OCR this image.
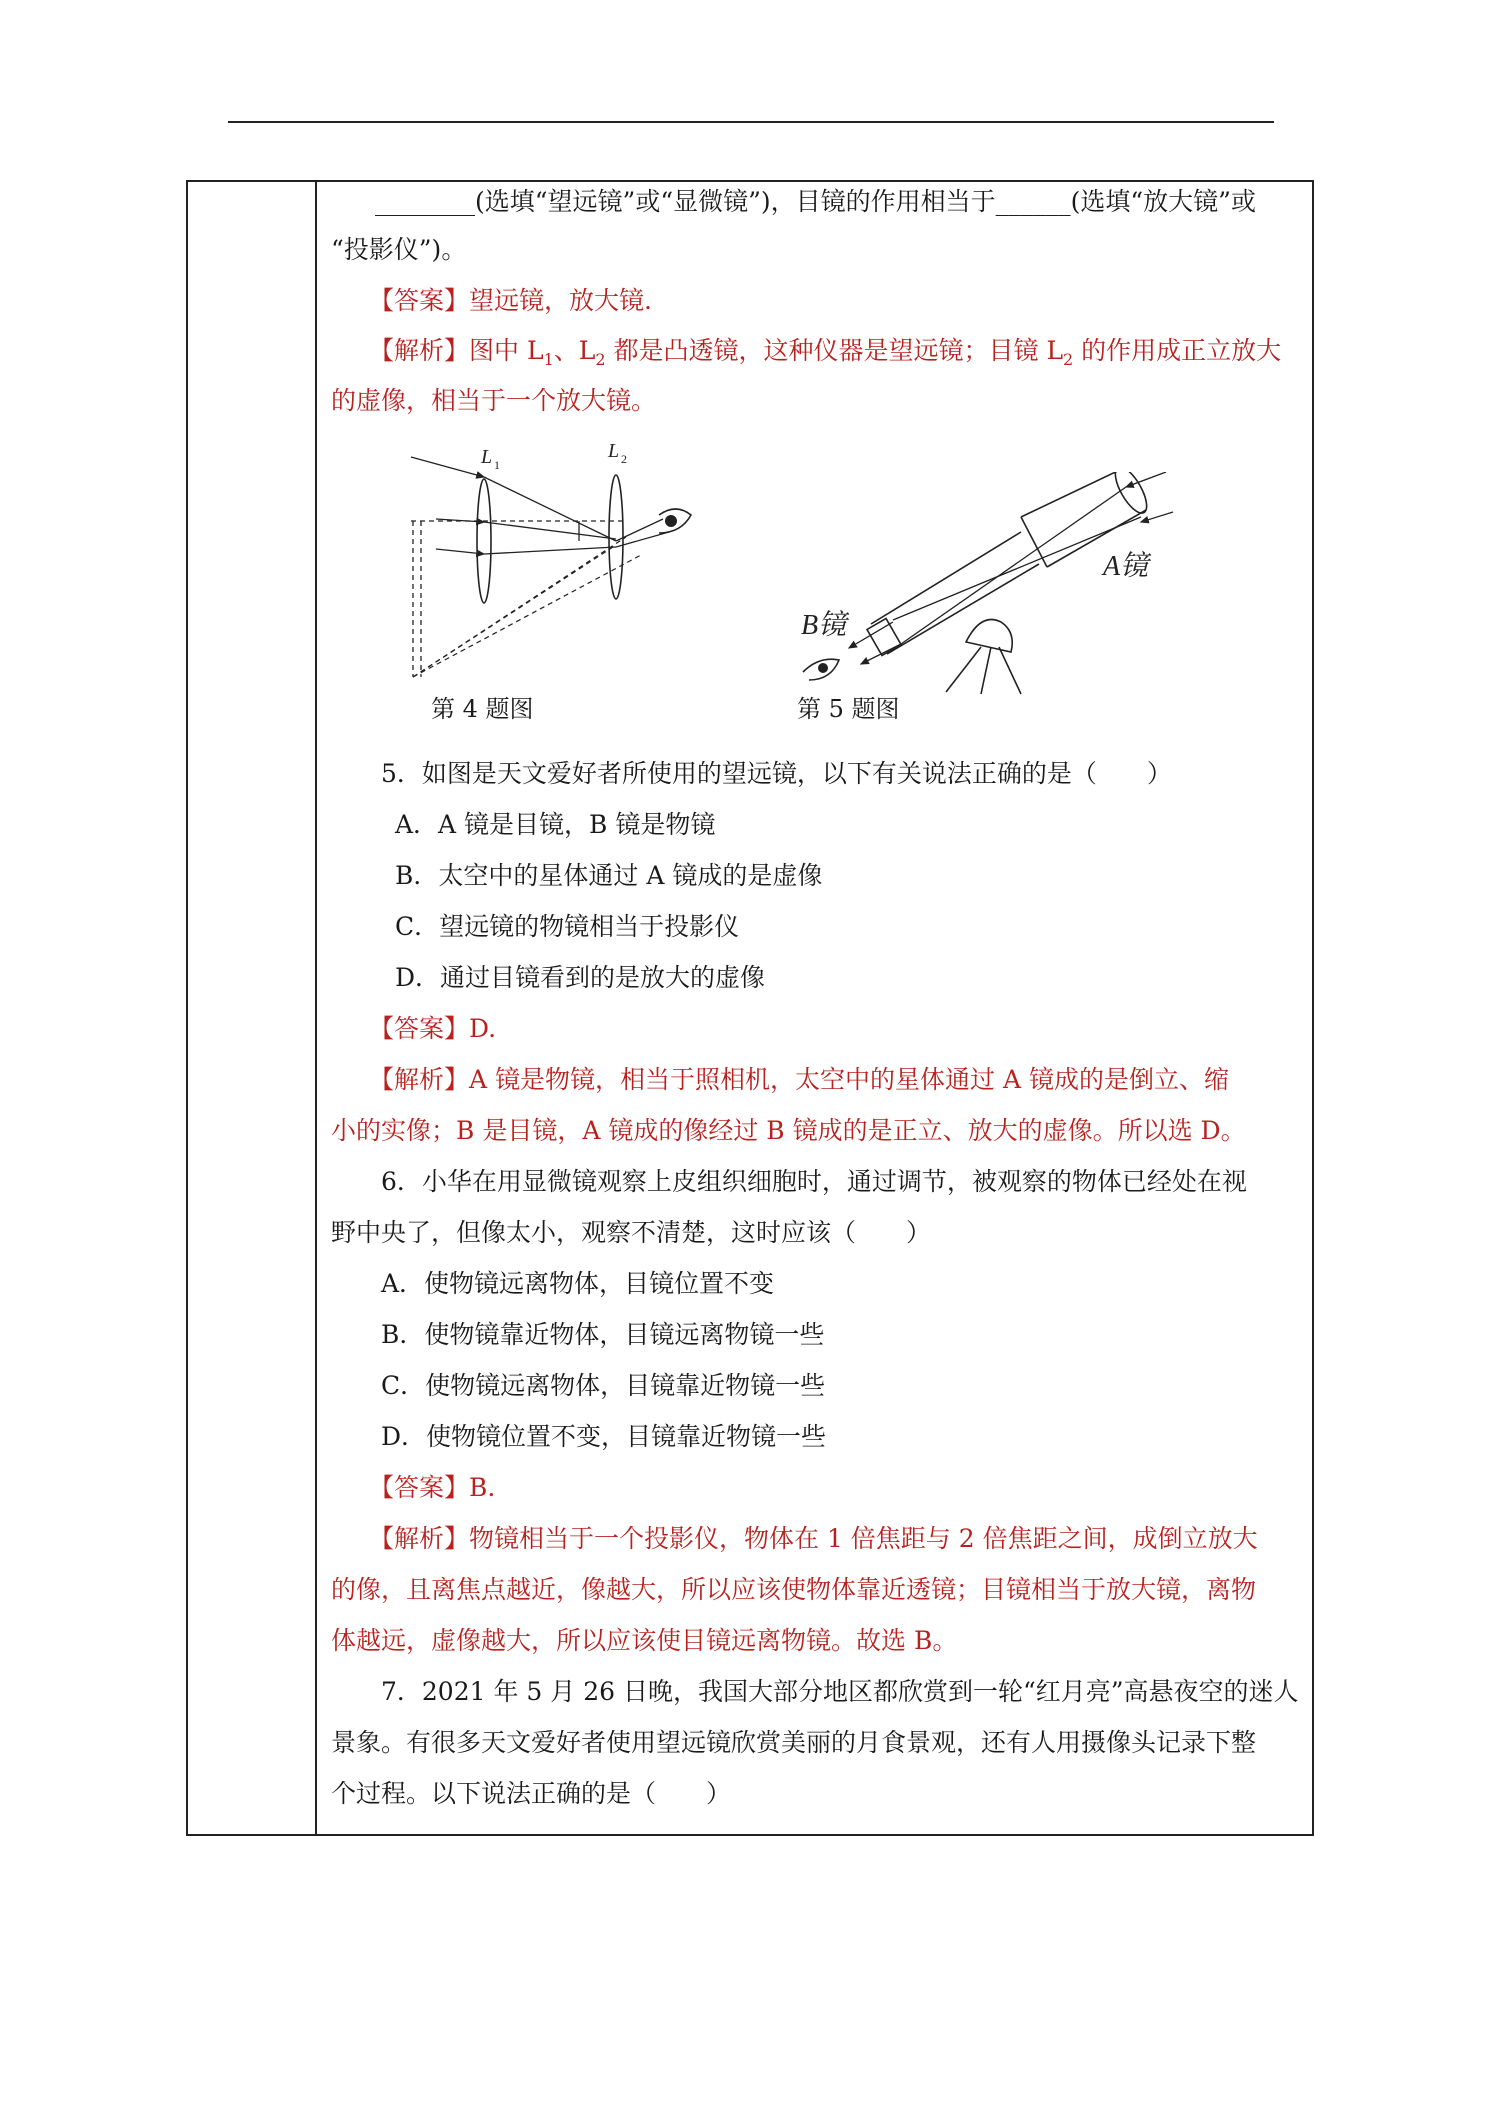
________(选填“望远镜”或“显微镜”)，目镜的作用相当于______(选填“放大镜”或
“投影仪”)。
【答案】望远镜，放大镜.
【解析】图中 $L_1$、$L_2$ 都是凸透镜，这种仪器是望远镜；目镜 $L_2$ 的作用成正立放大
的虚像，相当于一个放大镜。
L 1
L 2
第 4 题图
A镜
B镜
第 5 题图
5．如图是天文爱好者所使用的望远镜，以下有关说法正确的是（　　）
A．A 镜是目镜，B 镜是物镜
B．太空中的星体通过 A 镜成的是虚像
C．望远镜的物镜相当于投影仪
D．通过目镜看到的是放大的虚像
【答案】D.
【解析】A 镜是物镜，相当于照相机，太空中的星体通过 A 镜成的是倒立、缩
小的实像；B 是目镜，A 镜成的像经过 B 镜成的是正立、放大的虚像。所以选 D。
6．小华在用显微镜观察上皮组织细胞时，通过调节，被观察的物体已经处在视
野中央了，但像太小，观察不清楚，这时应该（　　）
A．使物镜远离物体，目镜位置不变
B．使物镜靠近物体，目镜远离物镜一些
C．使物镜远离物体，目镜靠近物镜一些
D．使物镜位置不变，目镜靠近物镜一些
【答案】B.
【解析】物镜相当于一个投影仪，物体在 1 倍焦距与 2 倍焦距之间，成倒立放大
的像，且离焦点越近，像越大，所以应该使物体靠近透镜；目镜相当于放大镜，离物
体越远，虚像越大，所以应该使目镜远离物镜。故选 B。
7．2021 年 5 月 26 日晚，我国大部分地区都欣赏到一轮“红月亮”高悬夜空的迷人
景象。有很多天文爱好者使用望远镜欣赏美丽的月食景观，还有人用摄像头记录下整
个过程。以下说法正确的是（　　）
